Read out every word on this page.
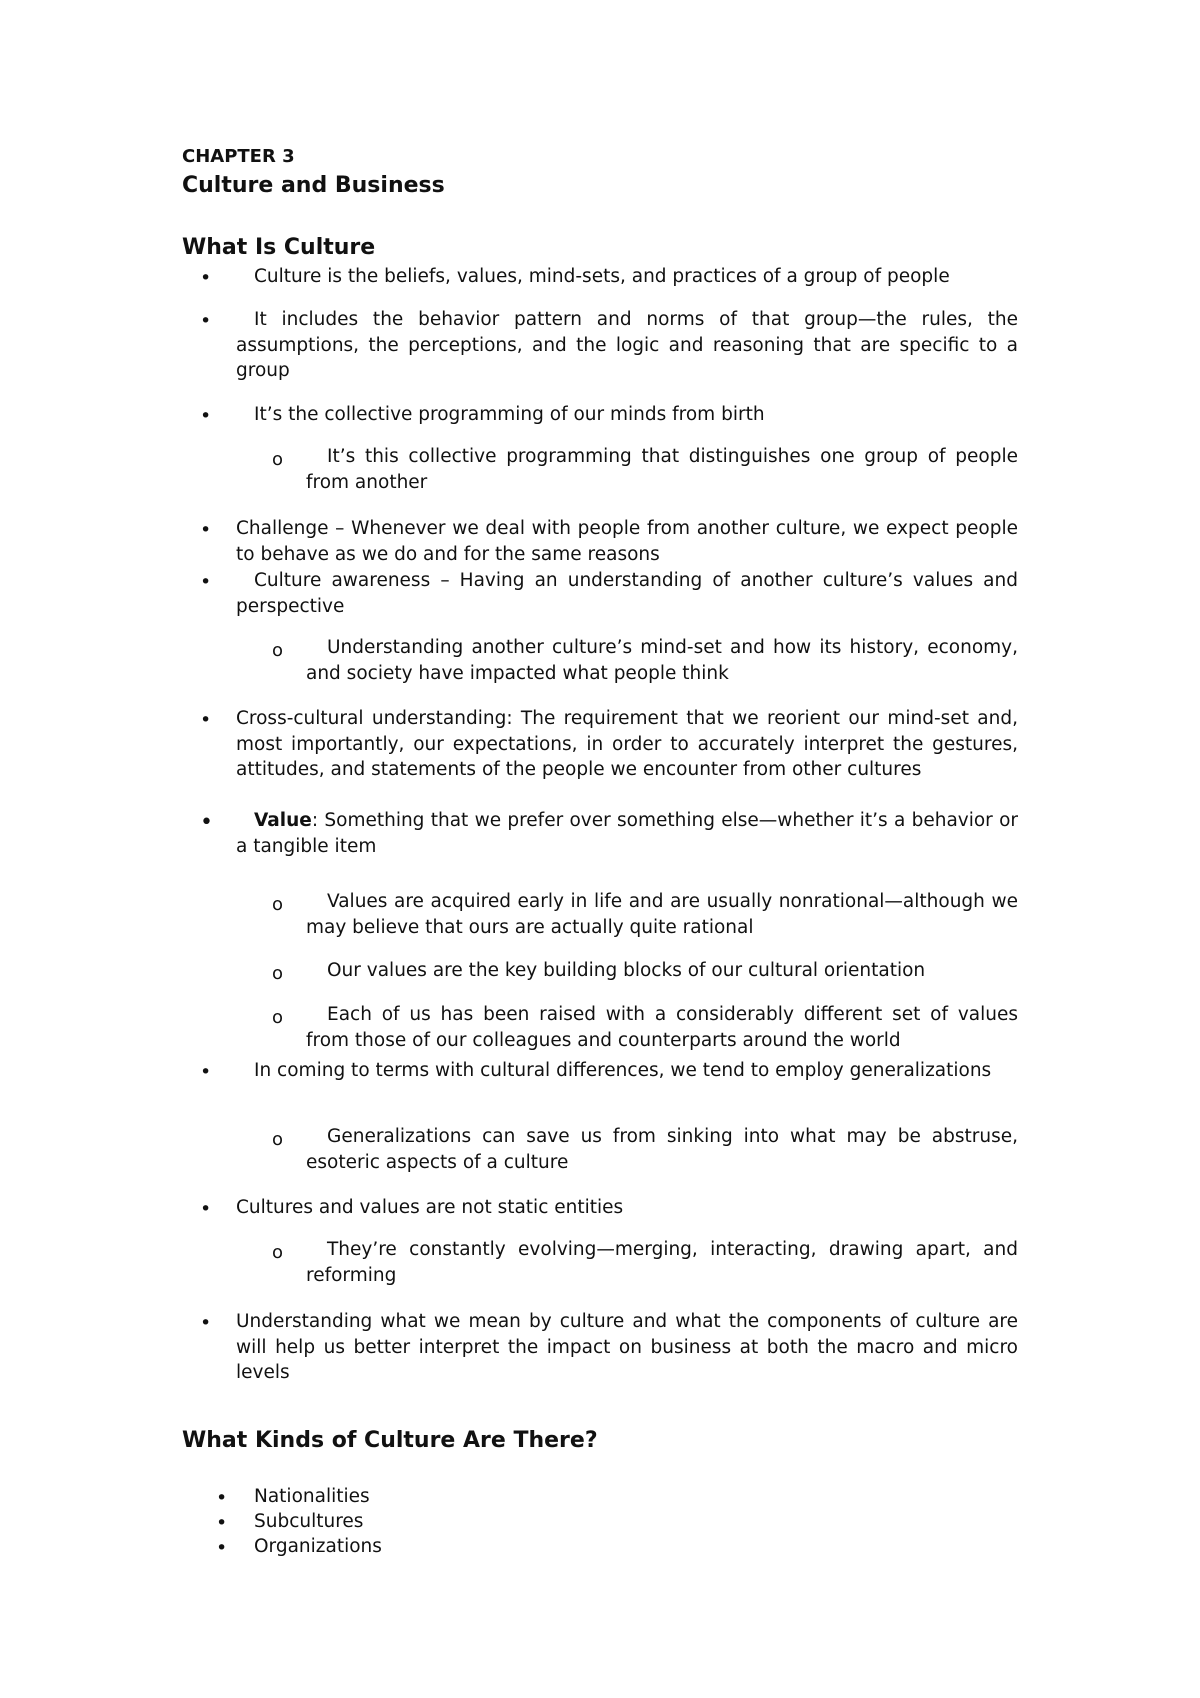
CHAPTER 3
Culture and Business
What Is Culture
•	Culture is the beliefs, values, mind-sets, and practices of a group of people
•	It includes the behavior pattern and norms of that group—the rules, the assumptions, the perceptions, and the logic and reasoning that are specific to a group
•	It’s the collective programming of our minds from birth
o	It’s this collective programming that distinguishes one group of people from another
• Challenge – Whenever we deal with people from another culture, we expect people to behave as we do and for the same reasons
•	Culture awareness – Having an understanding of another culture’s values and perspective
o	Understanding another culture’s mind-set and how its history, economy, and society have impacted what people think
• Cross-cultural understanding: The requirement that we reorient our mind-set and, most importantly, our expectations, in order to accurately interpret the gestures, attitudes, and statements of the people we encounter from other cultures
•	Value: Something that we prefer over something else—whether it’s a behavior or a tangible item
o	Values are acquired early in life and are usually nonrational—although we may believe that ours are actually quite rational
o	Our values are the key building blocks of our cultural orientation
o	Each of us has been raised with a considerably different set of values from those of our colleagues and counterparts around the world
•	In coming to terms with cultural differences, we tend to employ generalizations
o	Generalizations can save us from sinking into what may be abstruse, esoteric aspects of a culture
• Cultures and values are not static entities
o	They’re constantly evolving—merging, interacting, drawing apart, and reforming
• Understanding what we mean by culture and what the components of culture are will help us better interpret the impact on business at both the macro and micro levels
What Kinds of Culture Are There?
• Nationalities
• Subcultures
• Organizations
